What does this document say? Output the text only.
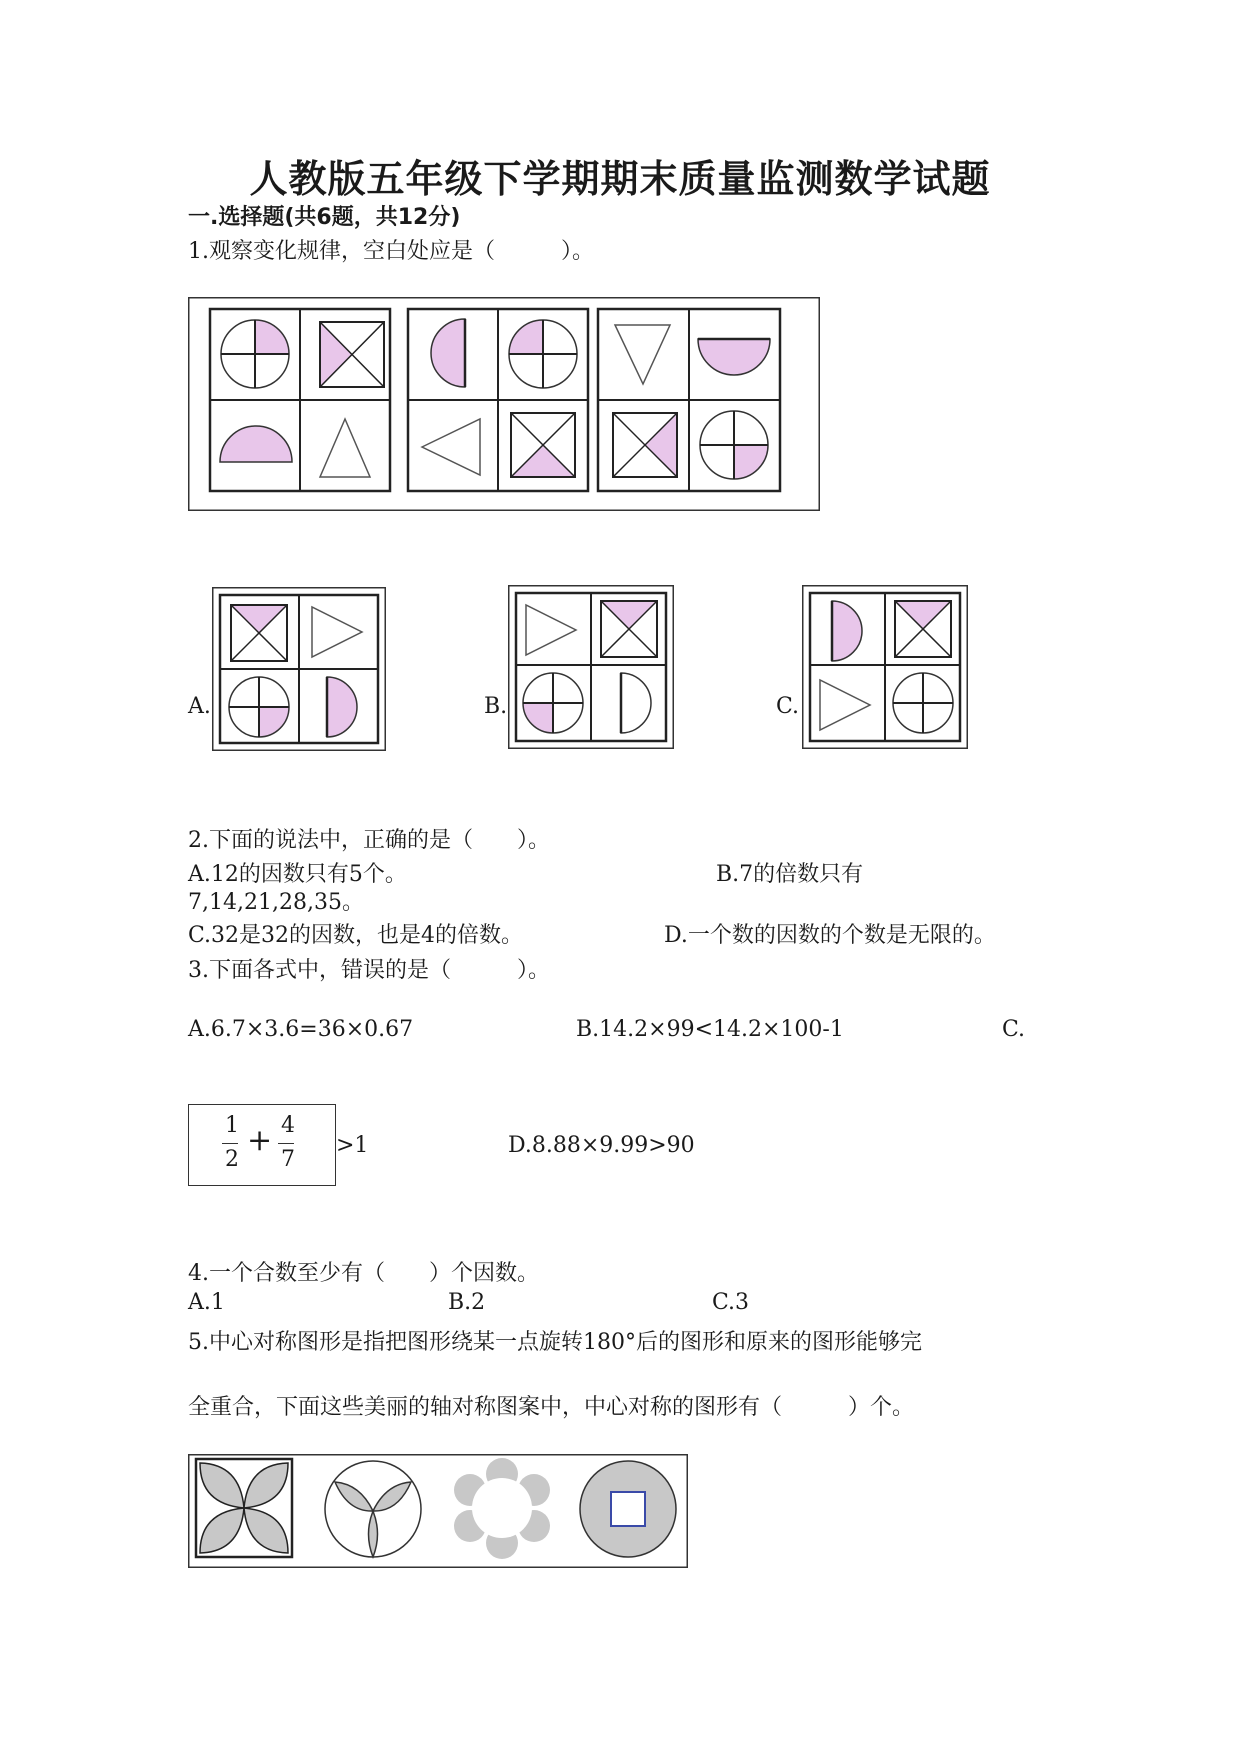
人教版五年级下学期期末质量监测数学试题
一.选择题(共6题，共12分)
1.观察变化规律，空白处应是（　　　）。
A.	B.	C.
2.下面的说法中，正确的是（　　）。
A.12的因数只有5个。	B.7的倍数只有
7,14,21,28,35。
C.32是32的因数，也是4的倍数。	D.一个数的因数的个数是无限的。
3.下面各式中，错误的是（　　　）。
A.6.7×3.6=36×0.67	B.14.2×99<14.2×100-1	C.
1
2
+ 4
7
>1	D.8.88×9.99>90
4.一个合数至少有（　　）个因数。
A.1	B.2	C.3
5.中心对称图形是指把图形绕某一点旋转180°后的图形和原来的图形能够完
全重合，下面这些美丽的轴对称图案中，中心对称的图形有（　　　）个。
